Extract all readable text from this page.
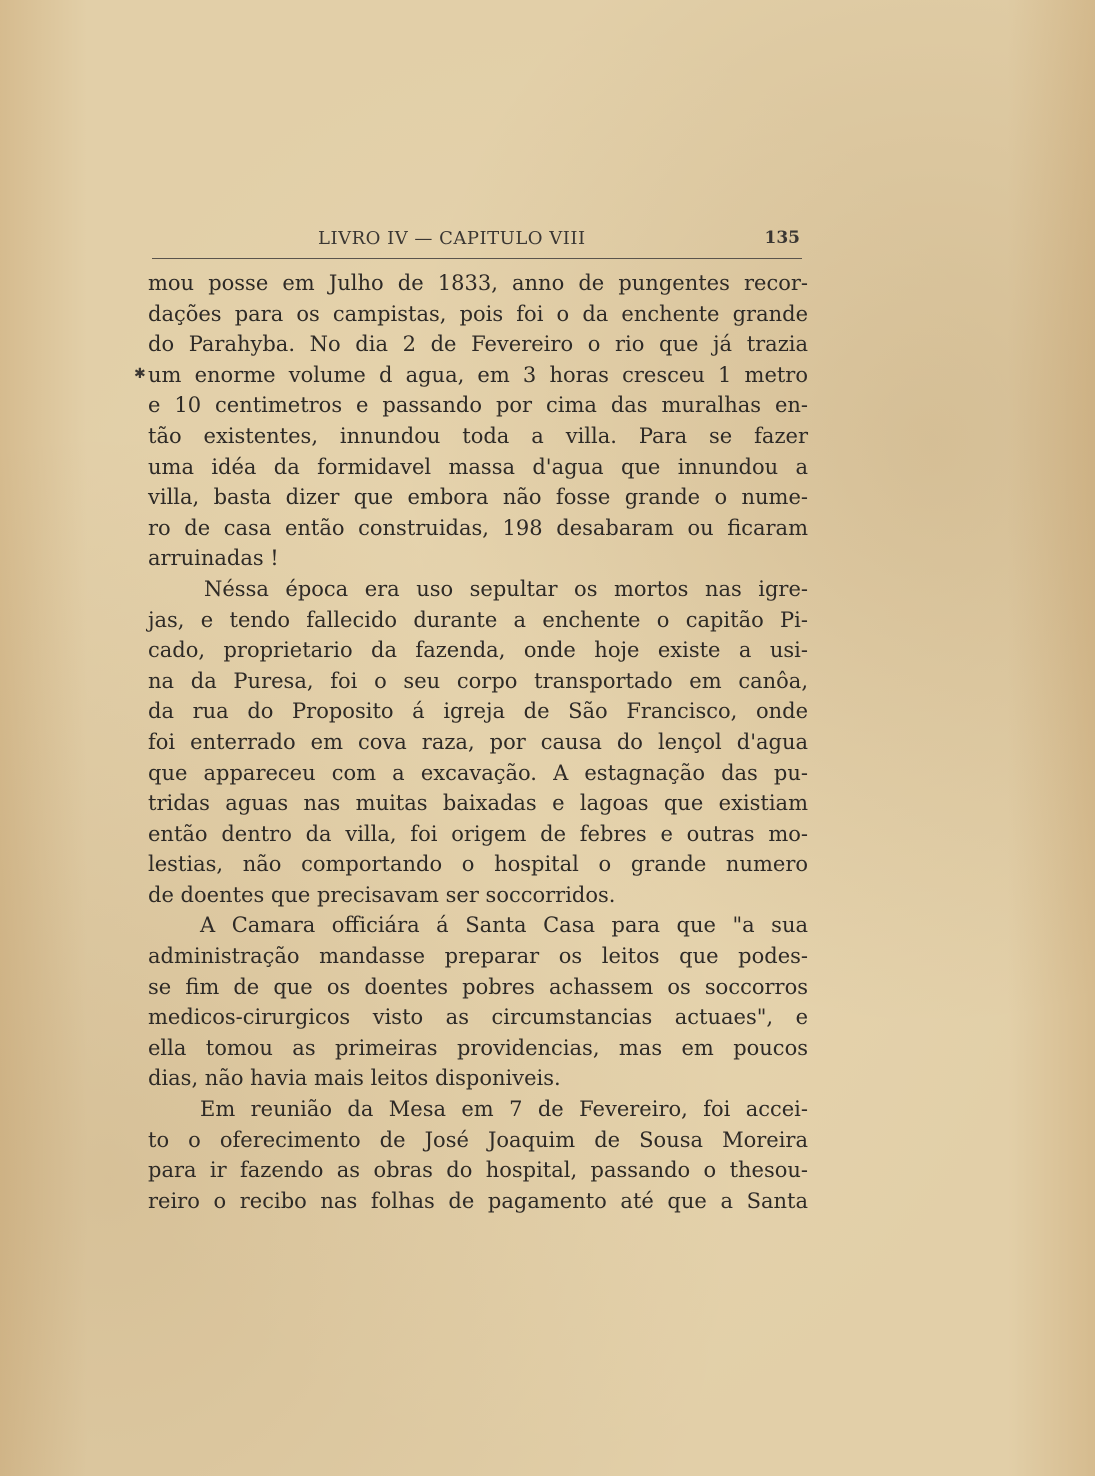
LIVRO IV — CAPITULO VIII	135
✱
mou posse em Julho de 1833, anno de pungentes recor-
dações para os campistas, pois foi o da enchente grande
do Parahyba. No dia 2 de Fevereiro o rio que já trazia
um enorme volume d agua, em 3 horas cresceu 1 metro
e 10 centimetros e passando por cima das muralhas en-
tão existentes, innundou toda a villa. Para se fazer
uma idéa da formidavel massa d'agua que innundou a
villa, basta dizer que embora não fosse grande o nume-
ro de casa então construidas, 198 desabaram ou ficaram
arruinadas !
Néssa época era uso sepultar os mortos nas igre-
jas, e tendo fallecido durante a enchente o capitão Pi-
cado, proprietario da fazenda, onde hoje existe a usi-
na da Puresa, foi o seu corpo transportado em canôa,
da rua do Proposito á igreja de São Francisco, onde
foi enterrado em cova raza, por causa do lençol d'agua
que appareceu com a excavação. A estagnação das pu-
tridas aguas nas muitas baixadas e lagoas que existiam
então dentro da villa, foi origem de febres e outras mo-
lestias, não comportando o hospital o grande numero
de doentes que precisavam ser soccorridos.
A Camara officiára á Santa Casa para que "a sua
administração mandasse preparar os leitos que podes-
se fim de que os doentes pobres achassem os soccorros
medicos-cirurgicos visto as circumstancias actuaes", e
ella tomou as primeiras providencias, mas em poucos
dias, não havia mais leitos disponiveis.
Em reunião da Mesa em 7 de Fevereiro, foi accei-
to o oferecimento de José Joaquim de Sousa Moreira
para ir fazendo as obras do hospital, passando o thesou-
reiro o recibo nas folhas de pagamento até que a Santa
